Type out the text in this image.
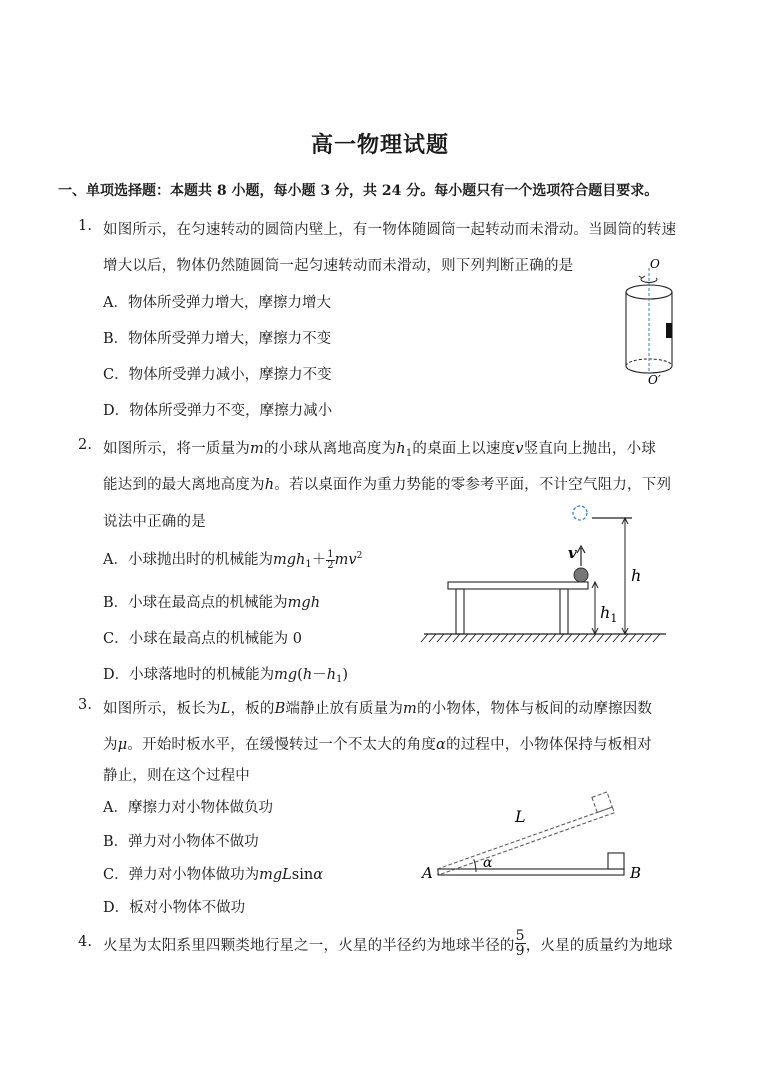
高一物理试题
一、单项选择题：本题共 8 小题，每小题 3 分，共 24 分。每小题只有一个选项符合题目要求。
1. 如图所示，在匀速转动的圆筒内壁上，有一物体随圆筒一起转动而未滑动。当圆筒的转速
增大以后，物体仍然随圆筒一起匀速转动而未滑动，则下列判断正确的是
A．物体所受弹力增大，摩擦力增大
B．物体所受弹力增大，摩擦力不变
C．物体所受弹力减小，摩擦力不变
D．物体所受弹力不变，摩擦力减小
O
O′
2. 如图所示，将一质量为m的小球从离地高度为$h_1$的桌面上以速度v竖直向上抛出，小球
能达到的最大离地高度为h。若以桌面作为重力势能的零参考平面，不计空气阻力，下列
说法中正确的是
A．小球抛出时的机械能为$mgh_1+ \frac{1}{2} mv^2$
B．小球在最高点的机械能为mgh
C．小球在最高点的机械能为 0
D．小球落地时的机械能为$mg(h-h_1)$
h
v
$h_1$
3. 如图所示，板长为L，板的B端静止放有质量为m的小物体，物体与板间的动摩擦因数
为μ。开始时板水平，在缓慢转过一个不太大的角度α的过程中，小物体保持与板相对
静止，则在这个过程中
A．摩擦力对小物体做负功
B．弹力对小物体不做功
C．弹力对小物体做功为mgLsinα
D．板对小物体不做功
α
L
A	B
4. 火星为太阳系里四颗类地行星之一，火星的半径约为地球半径的 $\frac{5}{9}$ ，火星的质量约为地球
